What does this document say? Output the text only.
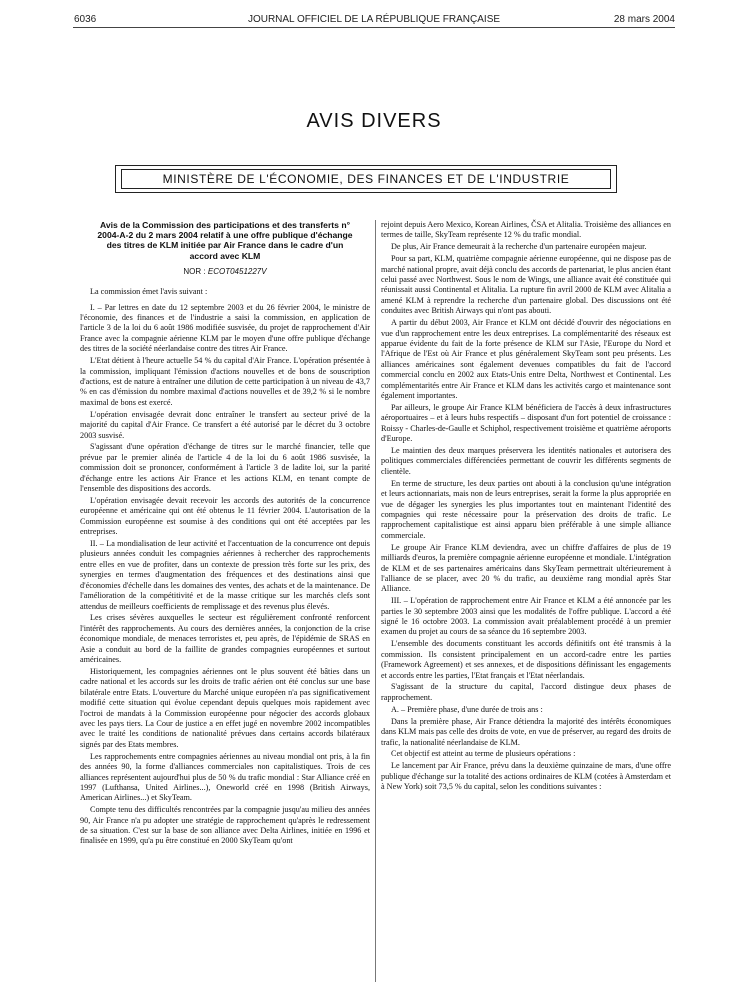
6036	JOURNAL OFFICIEL DE LA RÉPUBLIQUE FRANÇAISE	28 mars 2004
AVIS DIVERS
MINISTÈRE DE L'ÉCONOMIE, DES FINANCES ET DE L'INDUSTRIE

Avis de la Commission des participations et des transferts n° 2004-A-2 du 2 mars 2004 relatif à une offre publique d'échange des titres de KLM initiée par Air France dans le cadre d'un accord avec KLM

NOR : ECOT0451227V

La commission émet l'avis suivant :

I. – Par lettres en date du 12 septembre 2003 et du 26 février 2004, le ministre de l'économie, des finances et de l'industrie a saisi la commission, en application de l'article 3 de la loi du 6 août 1986 modifiée susvisée, du projet de rapprochement d'Air France avec la compagnie aérienne KLM par le moyen d'une offre publique d'échange des titres de la société néerlandaise contre des titres Air France.

L'Etat détient à l'heure actuelle 54 % du capital d'Air France. L'opération présentée à la commission, impliquant l'émission d'actions nouvelles et de bons de souscription d'actions, est de nature à entraîner une dilution de cette participation à un niveau de 43,7 % en cas d'émission du nombre maximal d'actions nouvelles et de 39,2 % si le nombre maximal de bons est exercé.

L'opération envisagée devrait donc entraîner le transfert au secteur privé de la majorité du capital d'Air France. Ce transfert a été autorisé par le décret du 3 octobre 2003 susvisé.

S'agissant d'une opération d'échange de titres sur le marché financier, telle que prévue par le premier alinéa de l'article 4 de la loi du 6 août 1986 susvisée, la commission doit se prononcer, conformément à l'article 3 de ladite loi, sur la parité d'échange entre les actions Air France et les actions KLM, en tenant compte de l'ensemble des dispositions des accords.

L'opération envisagée devait recevoir les accords des autorités de la concurrence européenne et américaine qui ont été obtenus le 11 février 2004. L'autorisation de la Commission européenne est soumise à des conditions qui ont été acceptées par les entreprises.

II. – La mondialisation de leur activité et l'accentuation de la concurrence ont depuis plusieurs années conduit les compagnies aériennes à rechercher des rapprochements entre elles en vue de profiter, dans un contexte de pression très forte sur les prix, des synergies en termes d'augmentation des fréquences et des destinations ainsi que d'économies d'échelle dans les domaines des ventes, des achats et de la maintenance. De l'amélioration de la compétitivité et de la masse critique sur les marchés clefs sont attendus de meilleurs coefficients de remplissage et des revenus plus élevés.

Les crises sévères auxquelles le secteur est régulièrement confronté renforcent l'intérêt des rapprochements. Au cours des dernières années, la conjonction de la crise économique mondiale, de menaces terroristes et, peu après, de l'épidémie de SRAS en Asie a conduit au bord de la faillite de grandes compagnies européennes et surtout américaines.

Historiquement, les compagnies aériennes ont le plus souvent été bâties dans un cadre national et les accords sur les droits de trafic aérien ont été conclus sur une base bilatérale entre Etats. L'ouverture du Marché unique européen n'a pas significativement modifié cette situation qui évolue cependant depuis quelques mois rapidement avec l'octroi de mandats à la Commission européenne pour négocier des accords globaux avec les pays tiers. La Cour de justice a en effet jugé en novembre 2002 incompatibles avec le traité les conditions de nationalité prévues dans certains accords bilatéraux signés par des Etats membres.

Les rapprochements entre compagnies aériennes au niveau mondial ont pris, à la fin des années 90, la forme d'alliances commerciales non capitalistiques. Trois de ces alliances représentent aujourd'hui plus de 50 % du trafic mondial : Star Alliance créé en 1997 (Lufthansa, United Airlines...), Oneworld créé en 1998 (British Airways, American Airlines...) et SkyTeam.

Compte tenu des difficultés rencontrées par la compagnie jusqu'au milieu des années 90, Air France n'a pu adopter une stratégie de rapprochement qu'après le redressement de sa situation. C'est sur la base de son alliance avec Delta Airlines, initiée en 1996 et finalisée en 1999, qu'a pu être constitué en 2000 SkyTeam qu'ont

rejoint depuis Aero Mexico, Korean Airlines, ČSA et Alitalia. Troisième des alliances en termes de taille, SkyTeam représente 12 % du trafic mondial.

De plus, Air France demeurait à la recherche d'un partenaire européen majeur.

Pour sa part, KLM, quatrième compagnie aérienne européenne, qui ne dispose pas de marché national propre, avait déjà conclu des accords de partenariat, le plus ancien étant celui passé avec Northwest. Sous le nom de Wings, une alliance avait été constituée qui réunissait aussi Continental et Alitalia. La rupture fin avril 2000 de KLM avec Alitalia a amené KLM à reprendre la recherche d'un partenaire global. Des discussions ont été conduites avec British Airways qui n'ont pas abouti.

A partir du début 2003, Air France et KLM ont décidé d'ouvrir des négociations en vue d'un rapprochement entre les deux entreprises. La complémentarité des réseaux est apparue évidente du fait de la forte présence de KLM sur l'Asie, l'Europe du Nord et l'Afrique de l'Est où Air France et plus généralement SkyTeam sont peu présents. Les alliances américaines sont également devenues compatibles du fait de l'accord commercial conclu en 2002 aux Etats-Unis entre Delta, Northwest et Continental. Les complémentarités entre Air France et KLM dans les activités cargo et maintenance sont également importantes.

Par ailleurs, le groupe Air France KLM bénéficiera de l'accès à deux infrastructures aéroportuaires – et à leurs hubs respectifs – disposant d'un fort potentiel de croissance : Roissy - Charles-de-Gaulle et Schiphol, respectivement troisième et quatrième aéroports d'Europe.

Le maintien des deux marques préservera les identités nationales et autorisera des politiques commerciales différenciées permettant de couvrir les différents segments de clientèle.

En terme de structure, les deux parties ont abouti à la conclusion qu'une intégration et leurs actionnariats, mais non de leurs entreprises, serait la forme la plus appropriée en vue de dégager les synergies les plus importantes tout en maintenant l'identité des compagnies qui reste nécessaire pour la préservation des droits de trafic. Le rapprochement capitalistique est ainsi apparu bien préférable à une simple alliance commerciale.

Le groupe Air France KLM deviendra, avec un chiffre d'affaires de plus de 19 milliards d'euros, la première compagnie aérienne européenne et mondiale. L'intégration de KLM et de ses partenaires américains dans SkyTeam permettrait ultérieurement à l'alliance de se placer, avec 20 % du trafic, au deuxième rang mondial après Star Alliance.

III. – L'opération de rapprochement entre Air France et KLM a été annoncée par les parties le 30 septembre 2003 ainsi que les modalités de l'offre publique. L'accord a été signé le 16 octobre 2003. La commission avait préalablement procédé à un premier examen du projet au cours de sa séance du 16 septembre 2003.

L'ensemble des documents constituant les accords définitifs ont été transmis à la commission. Ils consistent principalement en un accord-cadre entre les parties (Framework Agreement) et ses annexes, et de dispositions définissant les engagements et accords entre les parties, l'Etat français et l'Etat néerlandais.

S'agissant de la structure du capital, l'accord distingue deux phases de rapprochement.

A. – Première phase, d'une durée de trois ans :

Dans la première phase, Air France détiendra la majorité des intérêts économiques dans KLM mais pas celle des droits de vote, en vue de préserver, au regard des droits de trafic, la nationalité néerlandaise de KLM.

Cet objectif est atteint au terme de plusieurs opérations :

Le lancement par Air France, prévu dans la deuxième quinzaine de mars, d'une offre publique d'échange sur la totalité des actions ordinaires de KLM (cotées à Amsterdam et à New York) soit 73,5 % du capital, selon les conditions suivantes :
